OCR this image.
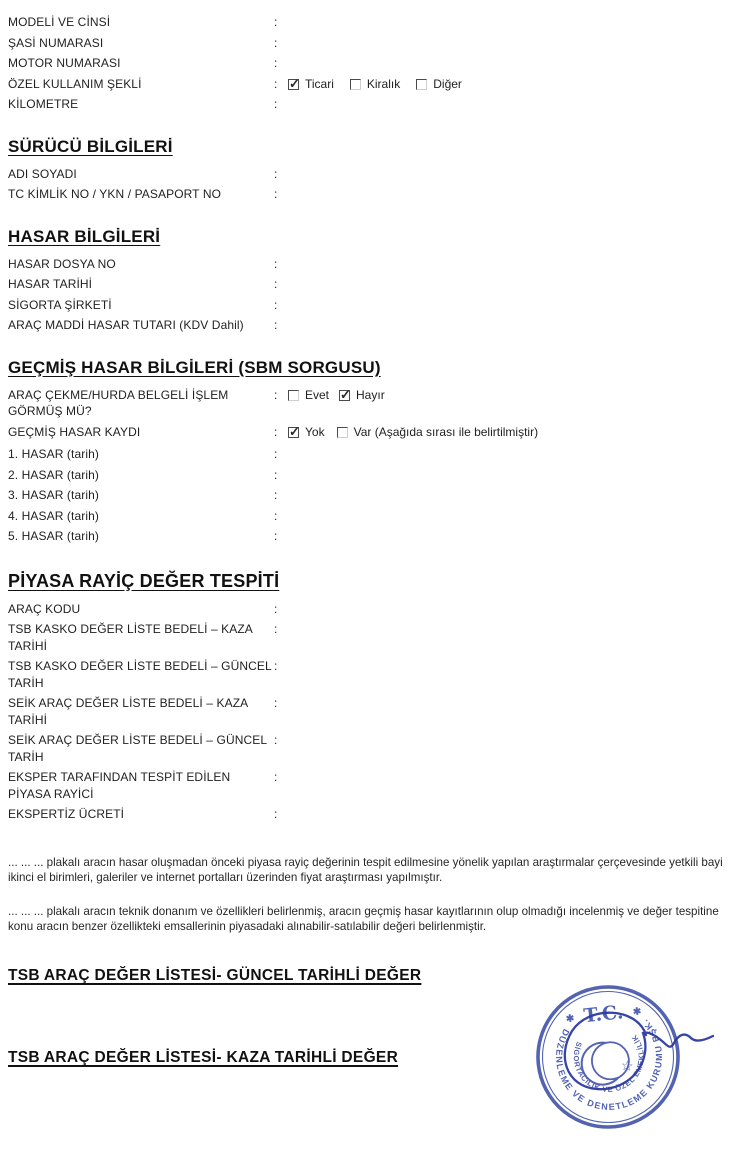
MODELİ VE CİNSİ	:
ŞASİ NUMARASI	:
MOTOR NUMARASI	:
ÖZEL KULLANIM ŞEKLİ	: ✓	Ticari	Kiralık	Diğer
KİLOMETRE	:
SÜRÜCÜ BİLGİLERİ
ADI SOYADI	:
TC KİMLİK NO / YKN / PASAPORT NO	:
HASAR BİLGİLERİ
HASAR DOSYA NO	:
HASAR TARİHİ	:
SİGORTA ŞİRKETİ	:
ARAÇ MADDİ HASAR TUTARI (KDV Dahil)	:
GEÇMİŞ HASAR BİLGİLERİ (SBM SORGUSU)
ARAÇ ÇEKME/HURDA BELGELİ İŞLEM GÖRMÜŞ MÜ?
:	Evet ✓ Hayır
GEÇMİŞ HASAR KAYDI	: ✓	Yok Var (Aşağıda sırası ile belirtilmiştir)
1. HASAR (tarih)	:
2. HASAR (tarih)	:
3. HASAR (tarih)	:
4. HASAR (tarih)	:
5. HASAR (tarih)	:
PİYASA RAYİÇ DEĞER TESPİTİ
ARAÇ KODU	:
TSB KASKO DEĞER LİSTE BEDELİ – KAZA TARİHİ
:
TSB KASKO DEĞER LİSTE BEDELİ – GÜNCEL TARİH
:
SEİK ARAÇ DEĞER LİSTE BEDELİ – KAZA TARİHİ
:
SEİK ARAÇ DEĞER LİSTE BEDELİ – GÜNCEL TARİH
:
EKSPER TARAFINDAN TESPİT EDİLEN PİYASA RAYİCİ
:
EKSPERTİZ ÜCRETİ	:

... ... ... plakalı aracın hasar oluşmadan önceki piyasa rayiç değerinin tespit edilmesine yönelik yapılan araştırmalar çerçevesinde yetkili bayi ikinci el birimleri, galeriler ve internet portalları üzerinden fiyat araştırması yapılmıştır.

... ... ... plakalı aracın teknik donanım ve özellikleri belirlenmiş, aracın geçmiş hasar kayıtlarının olup olmadığı incelenmiş ve değer tespitine konu aracın benzer özellikteki emsallerinin piyasadaki alınabilir-satılabilir değeri belirlenmiştir.

TSB ARAÇ DEĞER LİSTESİ- GÜNCEL TARİHLİ DEĞER
TSB ARAÇ DEĞER LİSTESİ- KAZA TARİHLİ DEĞER
DÜZENLEME VE DENETLEME KURUMU BŞK.
SİGORTACILIK VE ÖZEL EMEKLİLİK
✱ T.C. ✱
☆
